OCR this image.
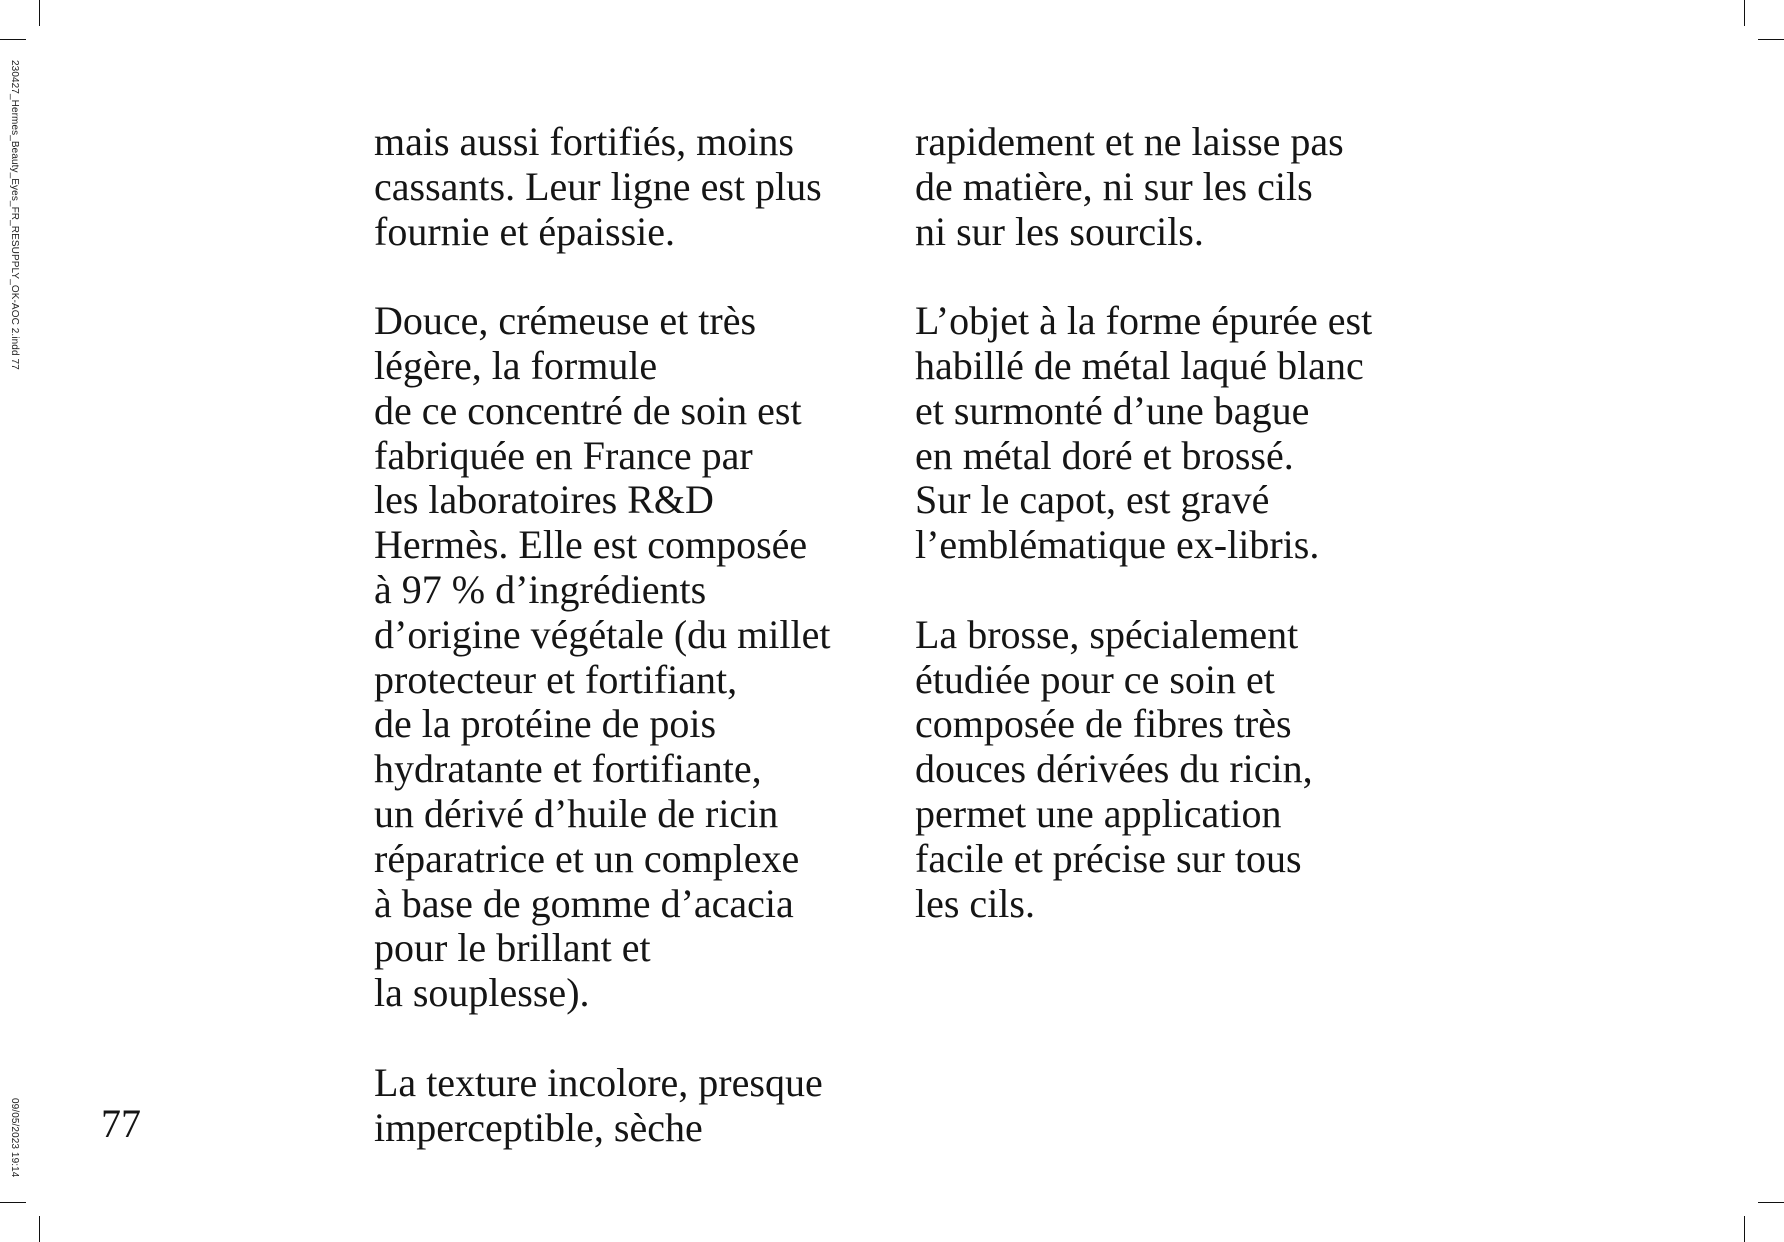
230427_Hermes_Beauty_Eyes_FR_RESUPPLY_OK-AOC 2.indd 77
09/05/2023 19:14
mais aussi fortifiés, moins
cassants. Leur ligne est plus
fournie et épaissie.
Douce, crémeuse et très
légère, la formule
de ce concentré de soin est
fabriquée en France par
les laboratoires R&D
Hermès. Elle est composée
à 97 % d’ingrédients
d’origine végétale (du millet
protecteur et fortifiant,
de la protéine de pois
hydratante et fortifiante,
un dérivé d’huile de ricin
réparatrice et un complexe
à base de gomme d’acacia
pour le brillant et
la souplesse).
La texture incolore, presque
imperceptible, sèche
rapidement et ne laisse pas
de matière, ni sur les cils
ni sur les sourcils.
L’objet à la forme épurée est
habillé de métal laqué blanc
et surmonté d’une bague
en métal doré et brossé.
Sur le capot, est gravé
l’emblématique ex-libris.
La brosse, spécialement
étudiée pour ce soin et
composée de fibres très
douces dérivées du ricin,
permet une application
facile et précise sur tous
les cils.
77
